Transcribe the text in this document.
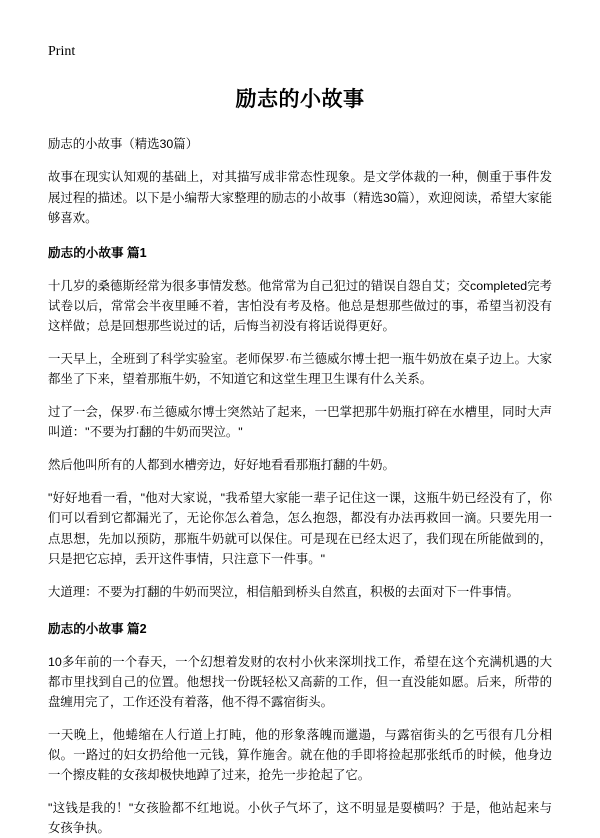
Print
励志的小故事
励志的小故事（精选30篇）

故事在现实认知观的基础上，对其描写成非常态性现象。是文学体裁的一种，侧重于事件发展过程的描述。以下是小编帮大家整理的励志的小故事（精选30篇），欢迎阅读，希望大家能够喜欢。

励志的小故事 篇1

十几岁的桑德斯经常为很多事情发愁。他常常为自己犯过的错误自怨自艾；交completed完考试卷以后，常常会半夜里睡不着，害怕没有考及格。他总是想那些做过的事，希望当初没有这样做；总是回想那些说过的话，后悔当初没有将话说得更好。

一天早上，全班到了科学实验室。老师保罗·布兰德威尔博士把一瓶牛奶放在桌子边上。大家都坐了下来，望着那瓶牛奶，不知道它和这堂生理卫生课有什么关系。

过了一会，保罗·布兰德威尔博士突然站了起来，一巴掌把那牛奶瓶打碎在水槽里，同时大声叫道："不要为打翻的牛奶而哭泣。"

然后他叫所有的人都到水槽旁边，好好地看看那瓶打翻的牛奶。

"好好地看一看，"他对大家说，"我希望大家能一辈子记住这一课，这瓶牛奶已经没有了，你们可以看到它都漏光了，无论你怎么着急，怎么抱怨，都没有办法再救回一滴。只要先用一点思想，先加以预防，那瓶牛奶就可以保住。可是现在已经太迟了，我们现在所能做到的，只是把它忘掉，丢开这件事情，只注意下一件事。"

大道理：不要为打翻的牛奶而哭泣，相信船到桥头自然直，积极的去面对下一件事情。

励志的小故事 篇2

10多年前的一个春天，一个幻想着发财的农村小伙来深圳找工作，希望在这个充满机遇的大都市里找到自己的位置。他想找一份既轻松又高薪的工作，但一直没能如愿。后来，所带的盘缠用完了，工作还没有着落，他不得不露宿街头。

一天晚上，他蜷缩在人行道上打盹，他的形象落魄而邋遢，与露宿街头的乞丐很有几分相似。一路过的妇女扔给他一元钱，算作施舍。就在他的手即将捡起那张纸币的时候，他身边一个擦皮鞋的女孩却极快地踔了过来，抢先一步抢起了它。

"这钱是我的！"女孩脸都不红地说。小伙子气坏了，这不明显是耍横吗？于是，他站起来与女孩争执。
